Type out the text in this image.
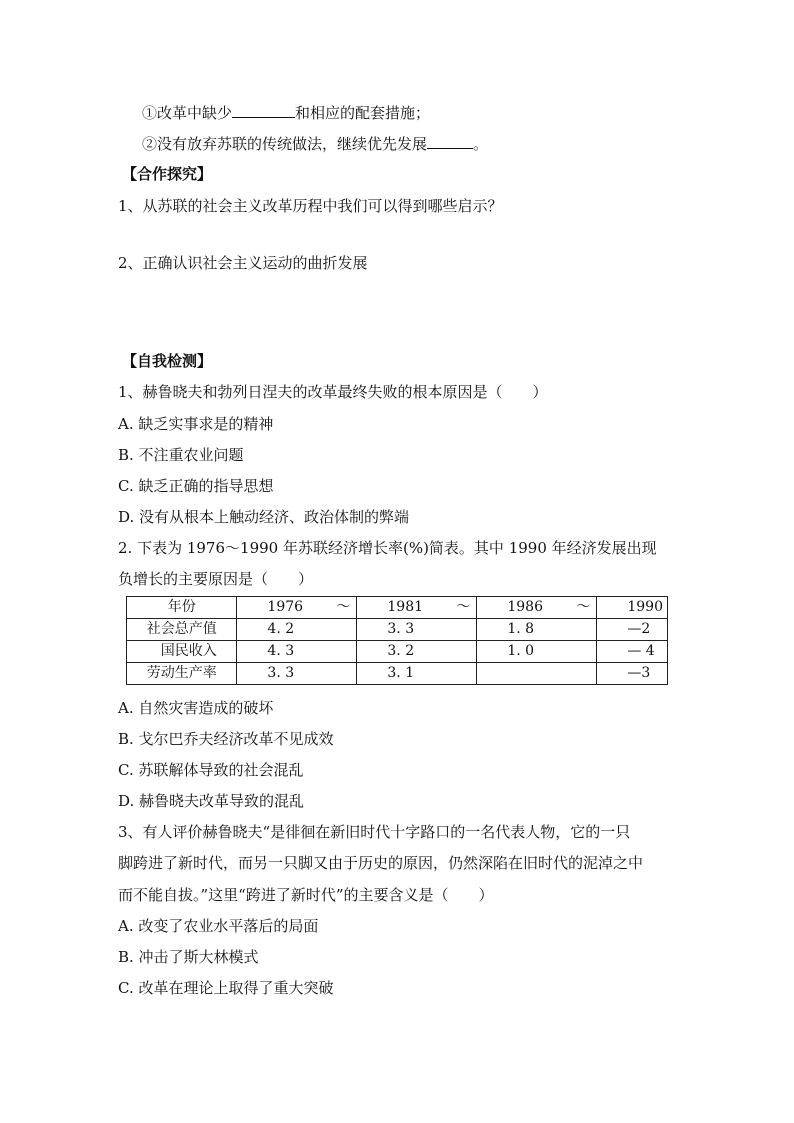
①改革中缺少	和相应的配套措施；
②没有放弃苏联的传统做法，继续优先发展	。
【合作探究】
1、从苏联的社会主义改革历程中我们可以得到哪些启示？
2、正确认识社会主义运动的曲折发展
【自我检测】
1、赫鲁晓夫和勃列日涅夫的改革最终失败的根本原因是（　　）
A. 缺乏实事求是的精神
B. 不注重农业问题
C. 缺乏正确的指导思想
D. 没有从根本上触动经济、政治体制的弊端
2. 下表为 1976～1990 年苏联经济增长率(%)简表。其中 1990 年经济发展出现
负增长的主要原因是（　　）
年份	1976 ～	1981 ～	1986 ～	1990
社会总产值	4. 2	3. 3	1. 8	—2
国民收入	4. 3	3. 2	1. 0	— 4
劳动生产率	3. 3	3. 1		—3
A. 自然灾害造成的破坏
B. 戈尔巴乔夫经济改革不见成效
C. 苏联解体导致的社会混乱
D. 赫鲁晓夫改革导致的混乱
3、有人评价赫鲁晓夫“是徘徊在新旧时代十字路口的一名代表人物，它的一只
脚跨进了新时代，而另一只脚又由于历史的原因，仍然深陷在旧时代的泥淖之中
而不能自拔。”这里“跨进了新时代”的主要含义是（　　）
A. 改变了农业水平落后的局面
B. 冲击了斯大林模式
C. 改革在理论上取得了重大突破
